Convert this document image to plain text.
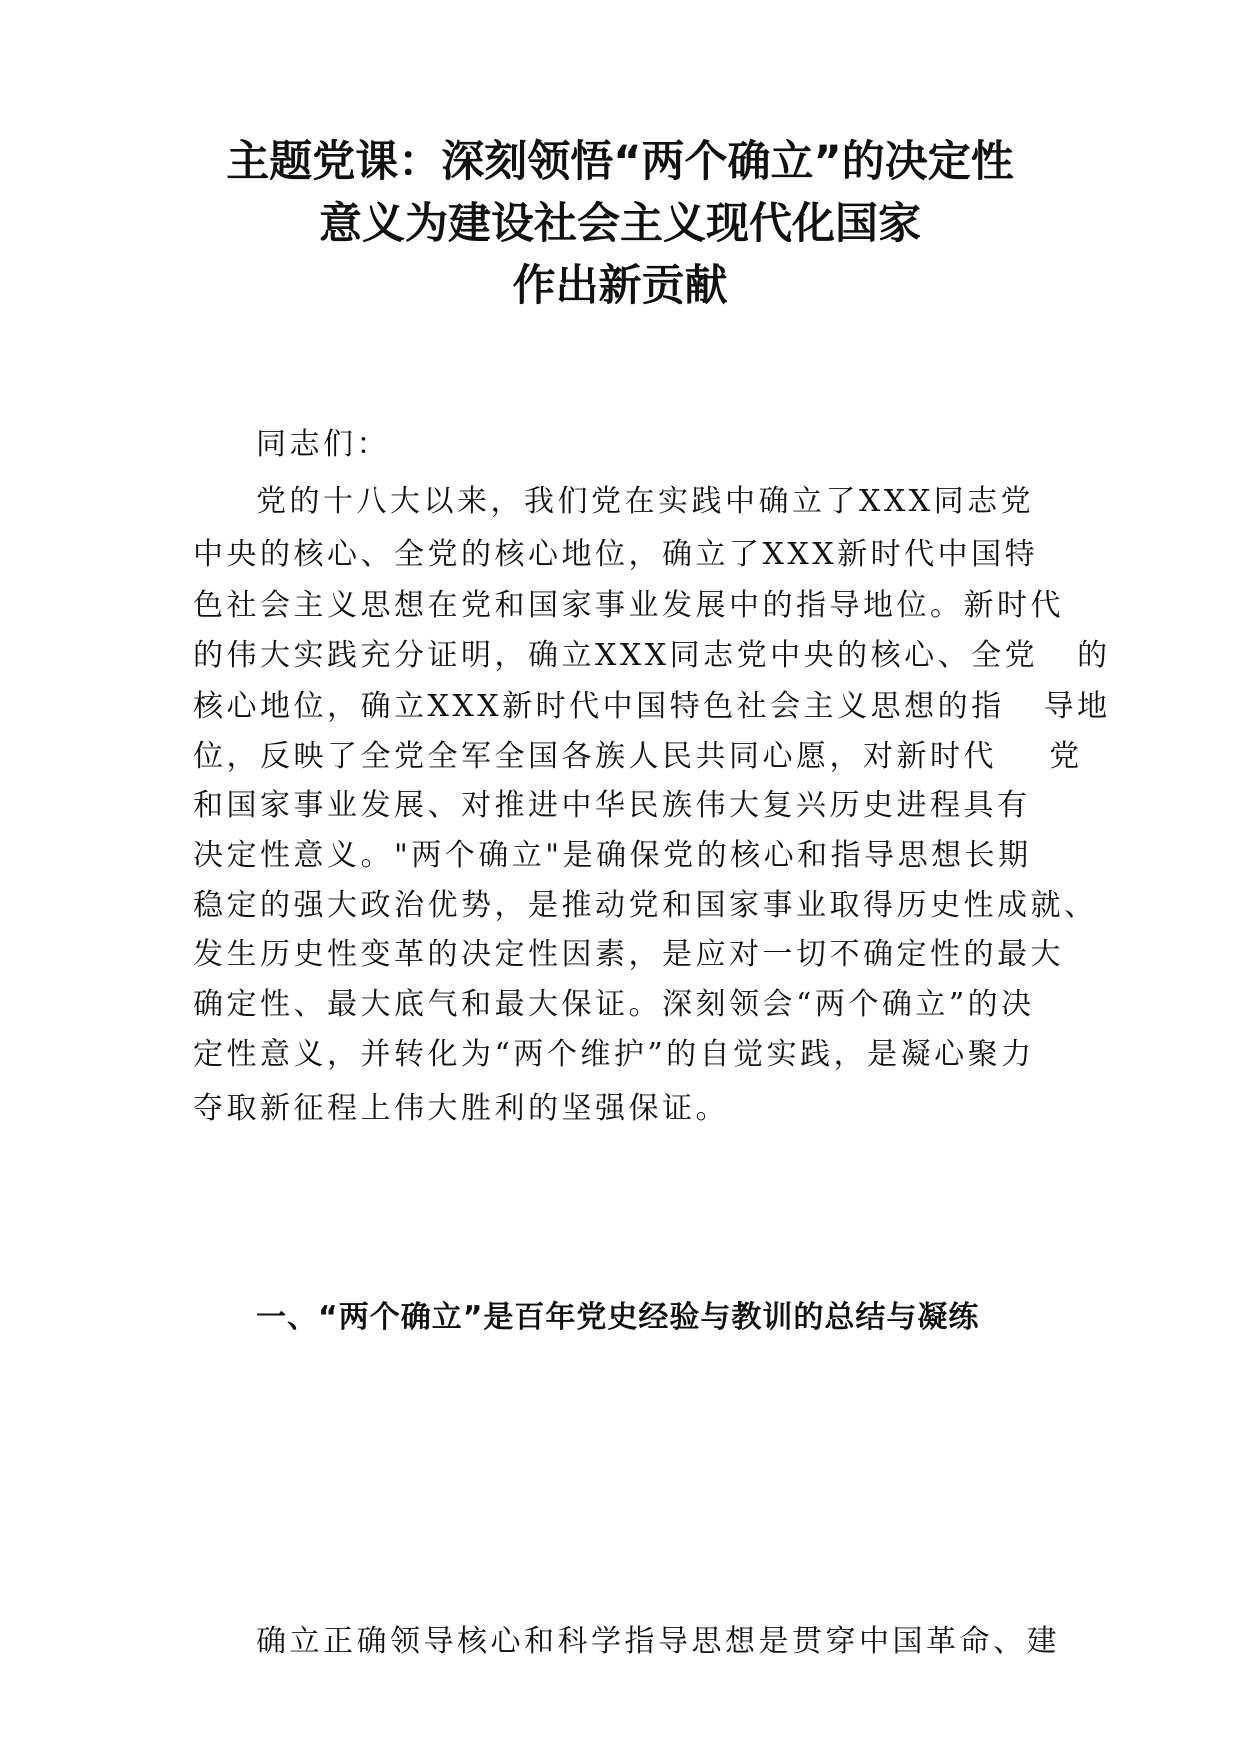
主题党课：深刻领悟“两个确立”的决定性
意义为建设社会主义现代化国家
作出新贡献
同志们：
党的十八大以来，我们党在实践中确立了XXX同志党
中央的核心、全党的核心地位，确立了XXX新时代中国特
色社会主义思想在党和国家事业发展中的指导地位。新时代
的伟大实践充分证明，确立XXX同志党中央的核心、全党   的
核心地位，确立XXX新时代中国特色社会主义思想的指   导地
位，反映了全党全军全国各族人民共同心愿，对新时代    党
和国家事业发展、对推进中华民族伟大复兴历史进程具有
决定性意义。"两个确立"是确保党的核心和指导思想长期
稳定的强大政治优势，是推动党和国家事业取得历史性成就、
发生历史性变革的决定性因素，是应对一切不确定性的最大
确定性、最大底气和最大保证。深刻领会“两个确立”的决
定性意义，并转化为“两个维护”的自觉实践，是凝心聚力
夺取新征程上伟大胜利的坚强保证。
一、“两个确立”是百年党史经验与教训的总结与凝练
确立正确领导核心和科学指导思想是贯穿中国革命、建
